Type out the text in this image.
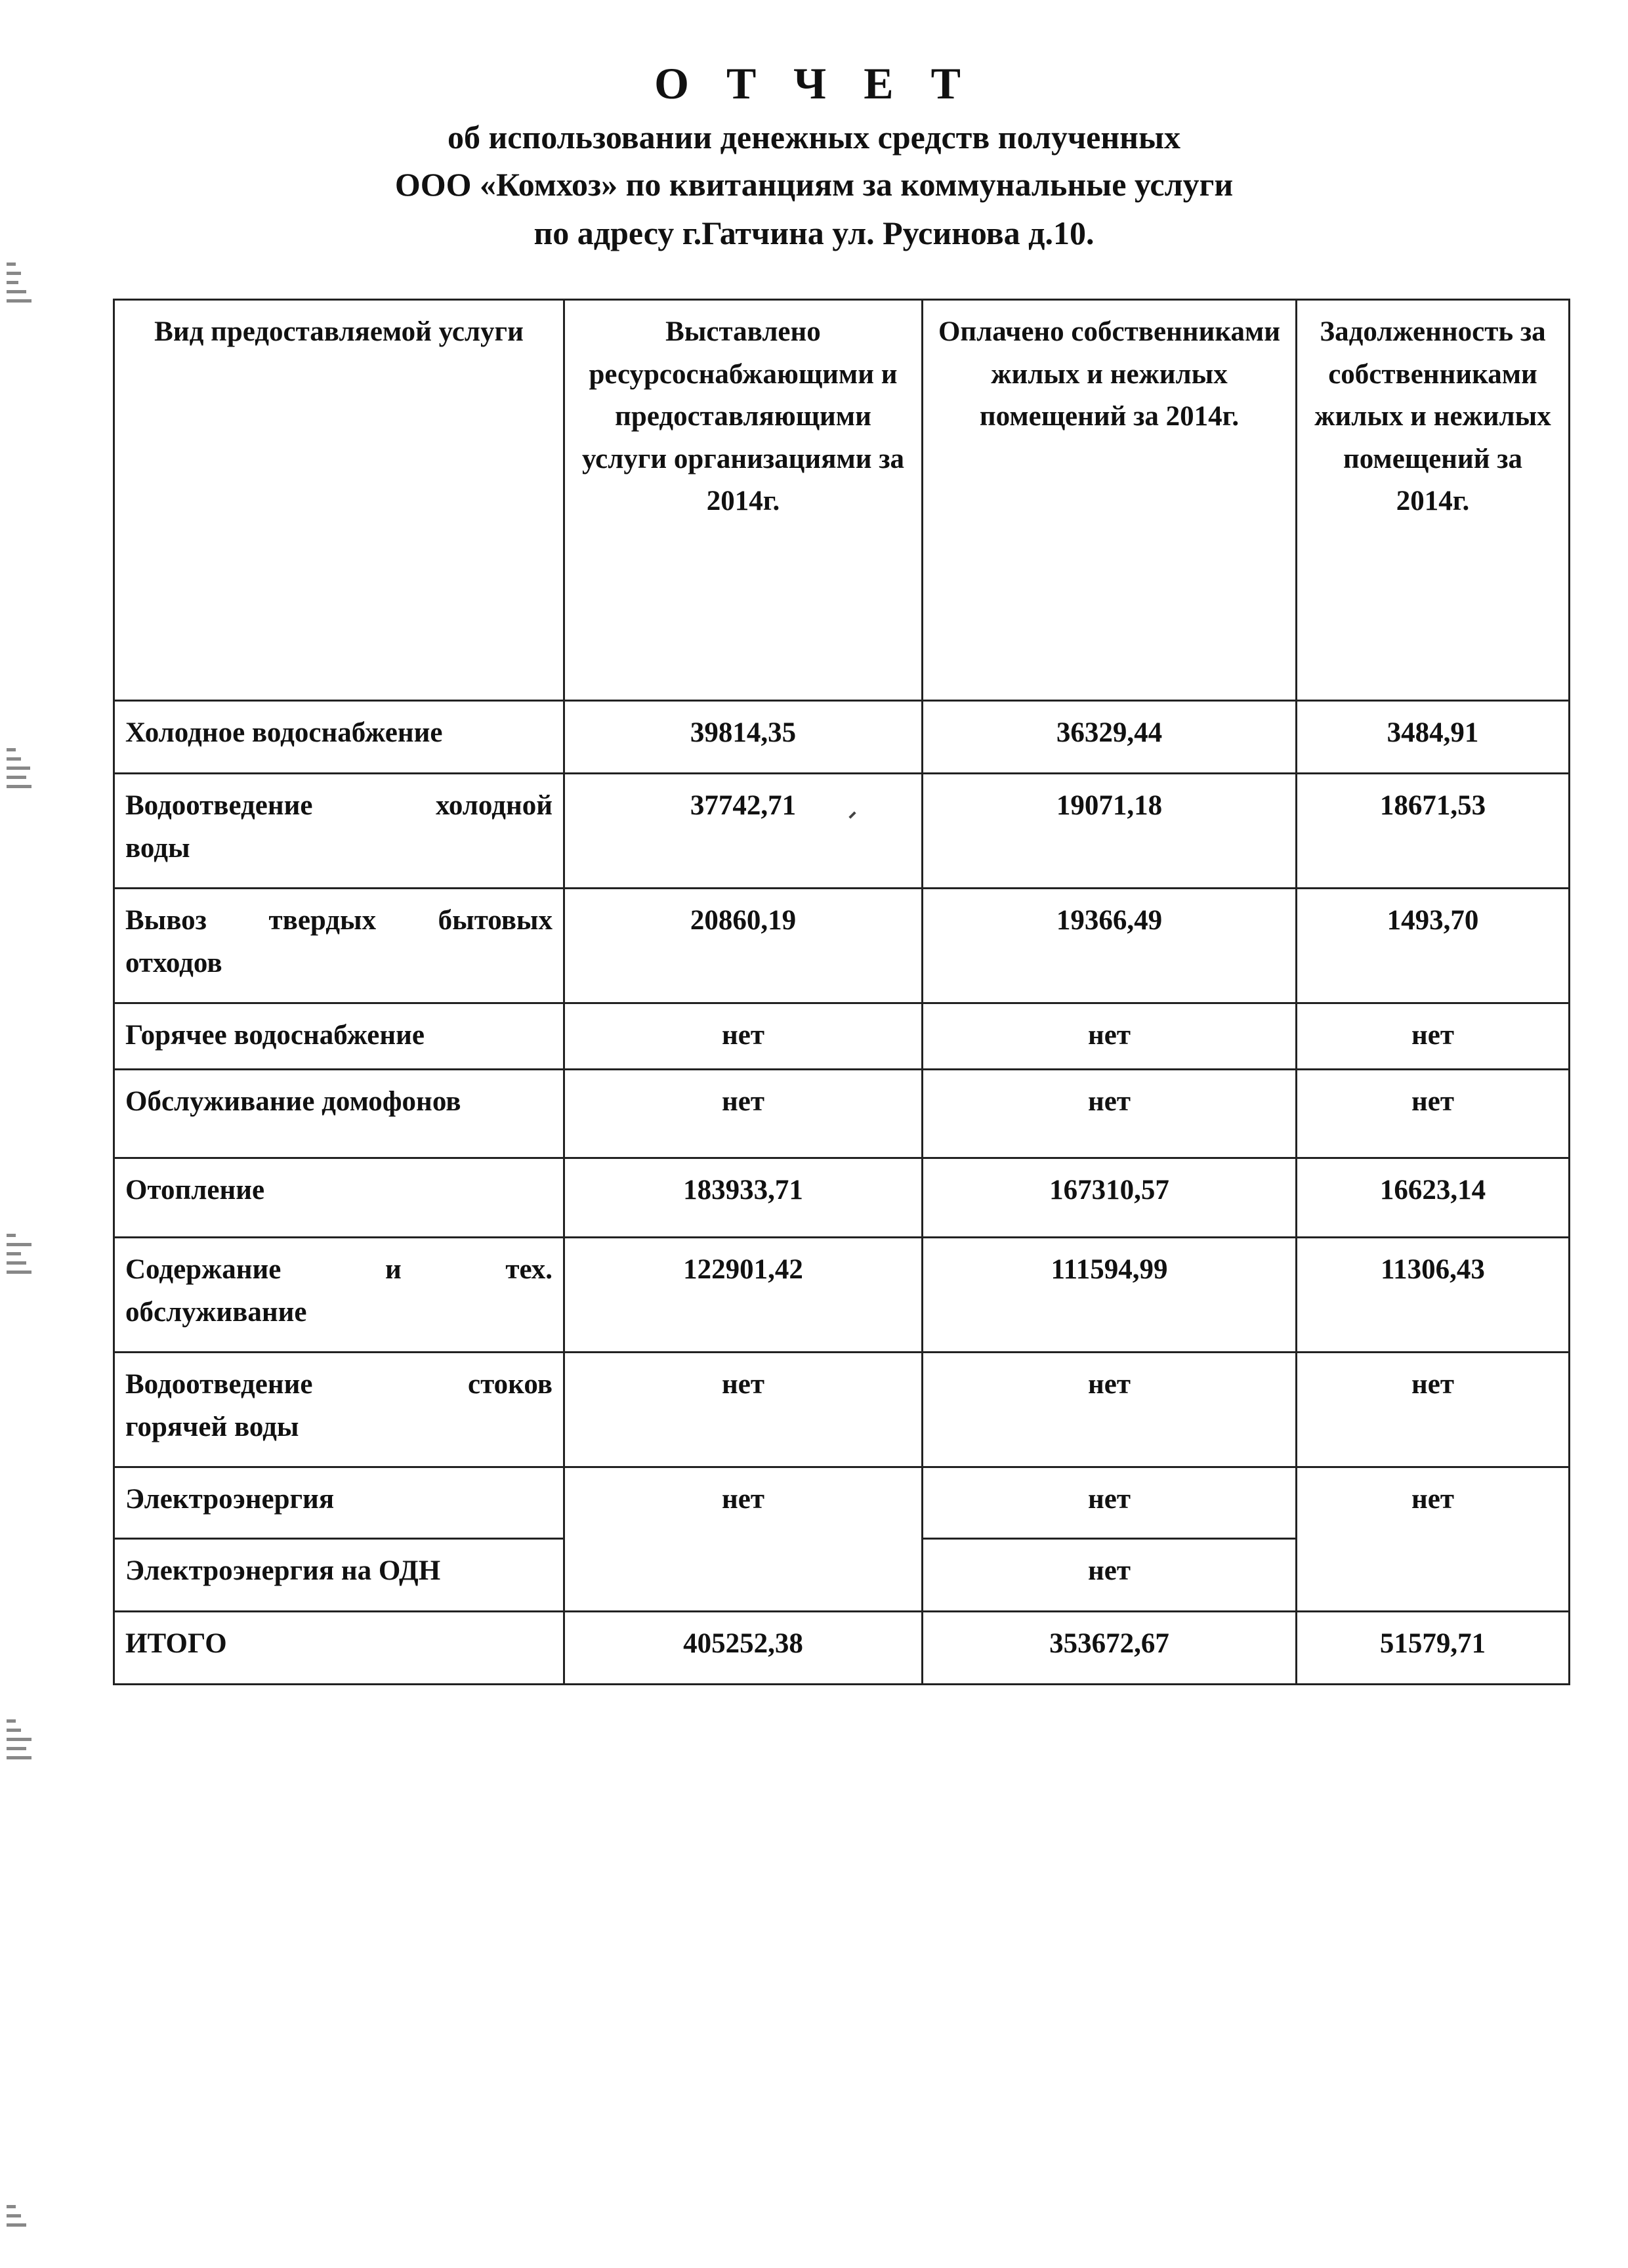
О Т Ч Е Т
об использовании денежных средств полученных
ООО «Комхоз» по квитанциям за коммунальные услуги
по адресу г.Гатчина ул. Русинова д.10.
Вид предоставляемой услуги	Выставлено ресурсоснабжающими и предоставляющими услуги организациями за 2014г.	Оплачено собственниками жилых и нежилых помещений за 2014г.	Задолженность за собственниками жилых и нежилых помещений за 2014г.
Холодное водоснабжение	39814,35	36329,44	3484,91

Водоотведение холодной
воды	37742,71	19071,18	18671,53

Вывоз твердых бытовых
отходов	20860,19	19366,49	1493,70
Горячее водоснабжение	нет	нет	нет
Обслуживание домофонов	нет	нет	нет
Отопление	183933,71	167310,57	16623,14

Содержание и тех.
обслуживание	122901,42	111594,99	11306,43

Водоотведение стоков
горячей воды	нет	нет	нет
Электроэнергия	нет	нет	нет
Электроэнергия на ОДН		нет	
ИТОГО	405252,38	353672,67	51579,71
